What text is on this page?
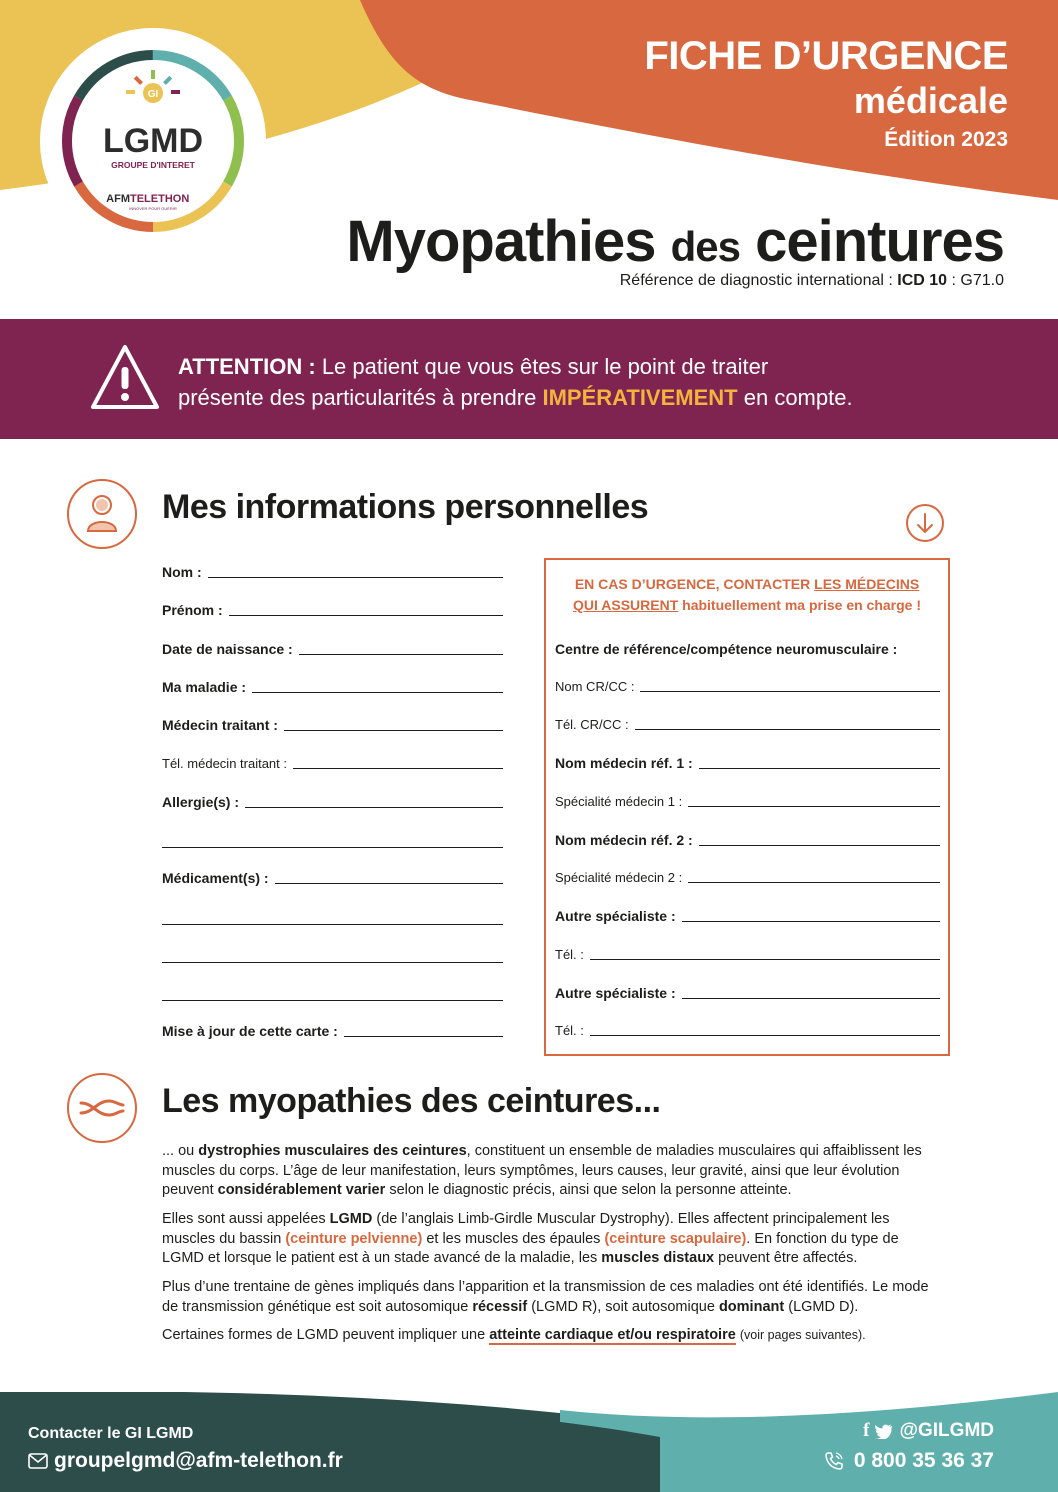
FICHE D’URGENCE
médicale
Édition 2023
GI
LGMD
GROUPE D'INTERET
AFM TELETHON
INNOVER POUR GUÉRIR
Myopathies des ceintures
Référence de diagnostic international : ICD 10 : G71.0
ATTENTION : Le patient que vous êtes sur le point de traiter
présente des particularités à prendre IMPÉRATIVEMENT en compte.
Mes informations personnelles
Nom :
Prénom :
Date de naissance :
Ma maladie :
Médecin traitant :
Tél. médecin traitant :
Allergie(s) :
Médicament(s) :
Mise à jour de cette carte :
EN CAS D’URGENCE, CONTACTER LES MÉDECINS
QUI ASSURENT habituellement ma prise en charge !
Centre de référence/compétence neuromusculaire :
Nom CR/CC :
Tél. CR/CC :
Nom médecin réf. 1 :
Spécialité médecin 1 :
Nom médecin réf. 2 :
Spécialité médecin 2 :
Autre spécialiste :
Tél. :
Autre spécialiste :
Tél. :
Les myopathies des ceintures...
... ou dystrophies musculaires des ceintures, constituent un ensemble de maladies musculaires qui affaiblissent les muscles du corps. L’âge de leur manifestation, leurs symptômes, leurs causes, leur gravité, ainsi que leur évolution peuvent considérablement varier selon le diagnostic précis, ainsi que selon la personne atteinte.
Elles sont aussi appelées LGMD (de l’anglais Limb-Girdle Muscular Dystrophy). Elles affectent principalement les muscles du bassin (ceinture pelvienne) et les muscles des épaules (ceinture scapulaire). En fonction du type de LGMD et lorsque le patient est à un stade avancé de la maladie, les muscles distaux peuvent être affectés.
Plus d’une trentaine de gènes impliqués dans l’apparition et la transmission de ces maladies ont été identifiés. Le mode de transmission génétique est soit autosomique récessif (LGMD R), soit autosomique dominant (LGMD D).
Certaines formes de LGMD peuvent impliquer une atteinte cardiaque et/ou respiratoire (voir pages suivantes).
Contacter le GI LGMD
groupelgmd@afm-telethon.fr
f @GILGMD
0 800 35 36 37
